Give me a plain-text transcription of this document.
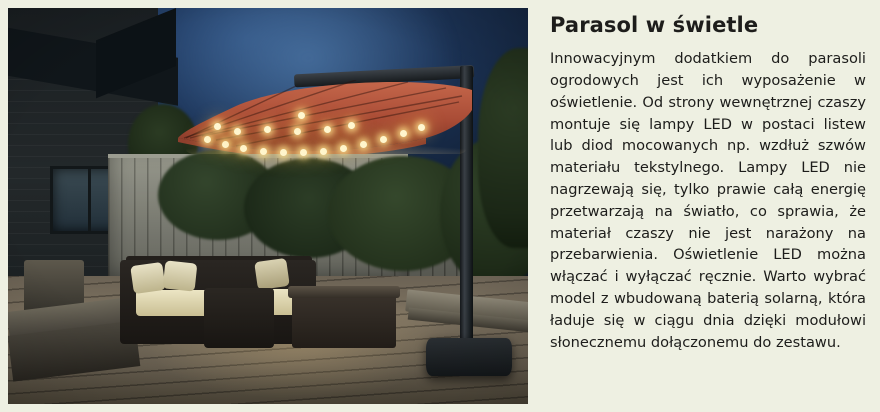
Parasol w świetle

Innowacyjnym dodatkiem do parasoli ogrodowych jest ich wyposażenie w oświetlenie. Od strony wewnętrznej czaszy montuje się lampy LED w postaci listew lub diod mocowanych np. wzdłuż szwów materiału tekstylnego. Lampy LED nie nagrzewają się, tylko prawie całą energię przetwarzają na światło, co sprawia, że materiał czaszy nie jest narażony na przebarwienia. Oświetlenie LED można włączać i wyłączać ręcznie. Warto wybrać model z wbudowaną baterią solarną, która ładuje się w ciągu dnia dzięki modułowi słonecznemu dołączonemu do zestawu.
